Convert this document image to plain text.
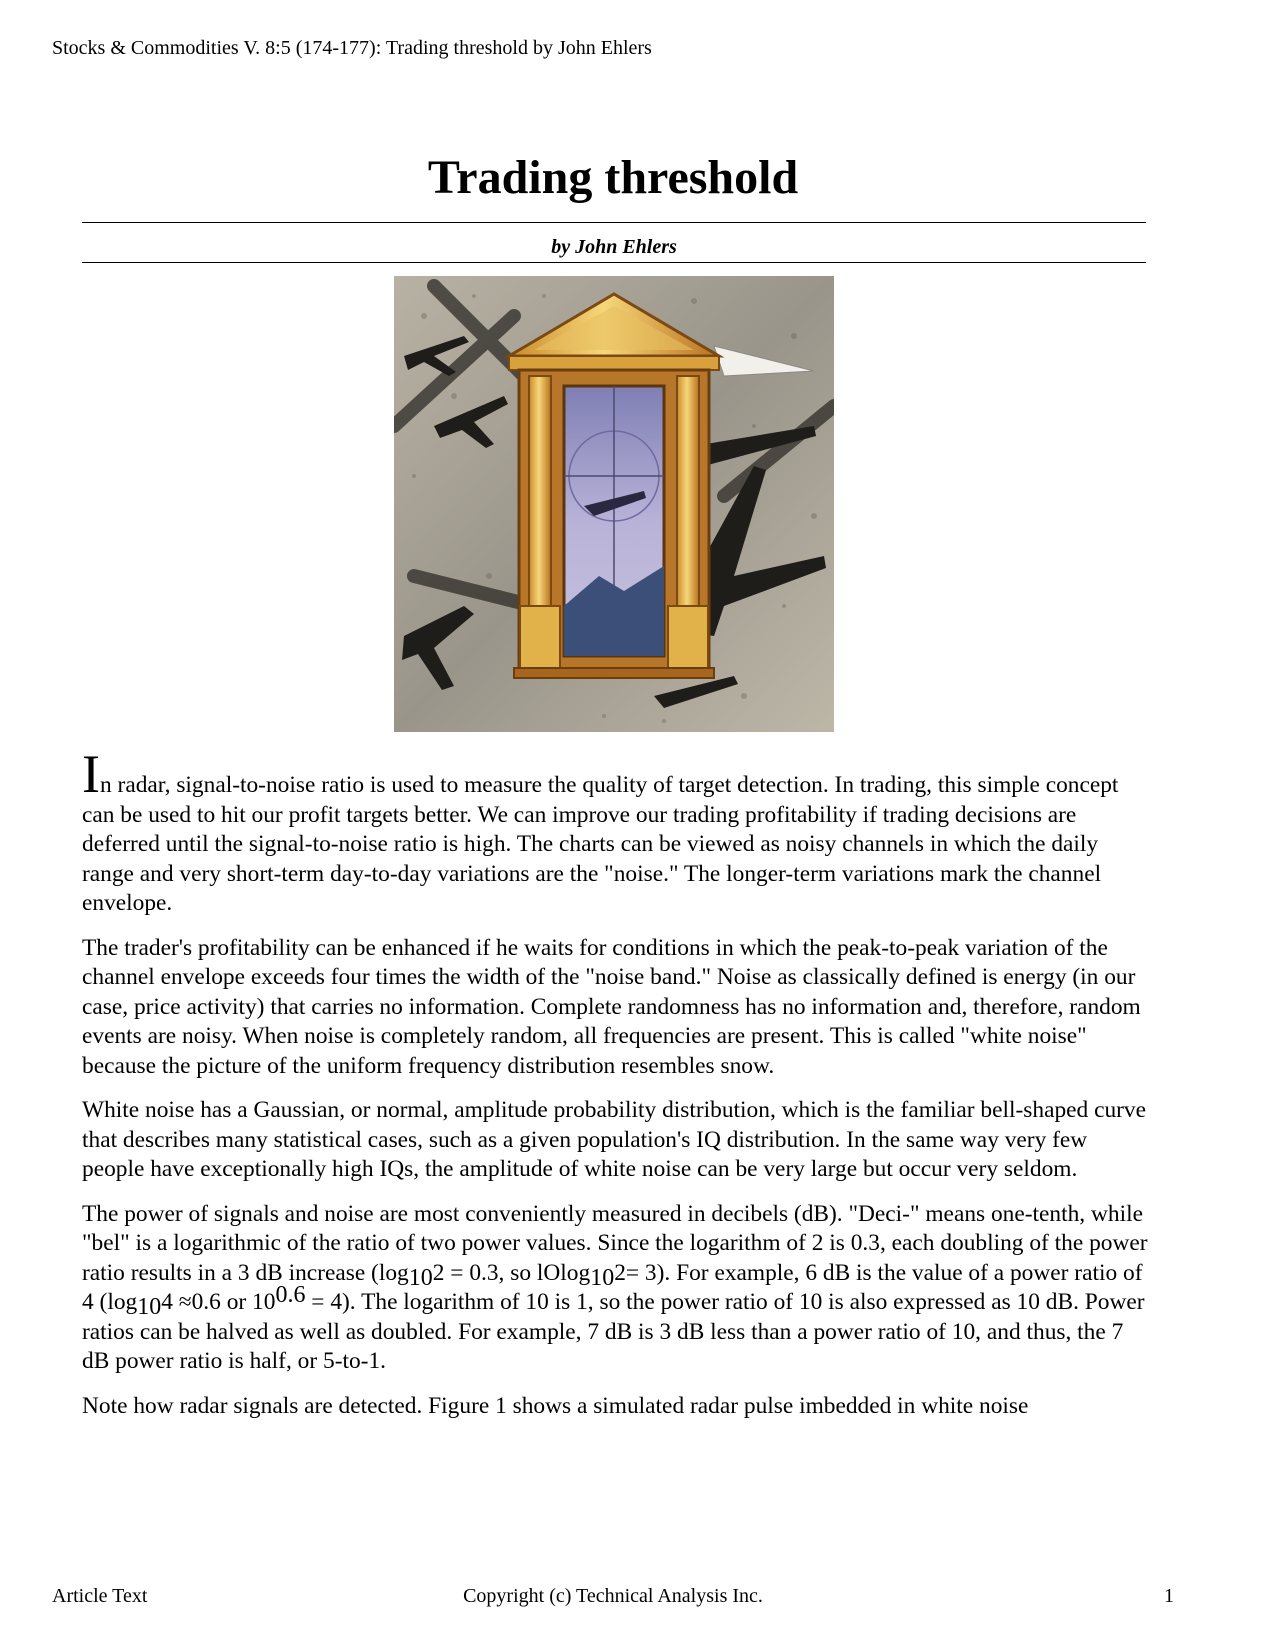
Stocks & Commodities V. 8:5 (174-177): Trading threshold by John Ehlers
Trading threshold
by John Ehlers

In radar, signal-to-noise ratio is used to measure the quality of target detection. In trading, this simple concept can be used to hit our profit targets better. We can improve our trading profitability if trading decisions are deferred until the signal-to-noise ratio is high. The charts can be viewed as noisy channels in which the daily range and very short-term day-to-day variations are the "noise." The longer-term variations mark the channel envelope.

The trader's profitability can be enhanced if he waits for conditions in which the peak-to-peak variation of the channel envelope exceeds four times the width of the "noise band." Noise as classically defined is energy (in our case, price activity) that carries no information. Complete randomness has no information and, therefore, random events are noisy. When noise is completely random, all frequencies are present. This is called "white noise" because the picture of the uniform frequency distribution resembles snow.

White noise has a Gaussian, or normal, amplitude probability distribution, which is the familiar bell-shaped curve that describes many statistical cases, such as a given population's IQ distribution. In the same way very few people have exceptionally high IQs, the amplitude of white noise can be very large but occur very seldom.

The power of signals and noise are most conveniently measured in decibels (dB). "Deci-" means one-tenth, while "bel" is a logarithmic of the ratio of two power values. Since the logarithm of 2 is 0.3, each doubling of the power ratio results in a 3 dB increase ($\log_{10}2 = 0.3$, so lOlog$_{10}$2= 3). For example, 6 dB is the value of a power ratio of 4 ($\log_{10}4 \approx 0.6$ or $10^{0.6} = 4$). The logarithm of 10 is 1, so the power ratio of 10 is also expressed as 10 dB. Power ratios can be halved as well as doubled. For example, 7 dB is 3 dB less than a power ratio of 10, and thus, the 7 dB power ratio is half, or 5-to-1.

Note how radar signals are detected. Figure 1 shows a simulated radar pulse imbedded in white noise

Article Text	Copyright (c) Technical Analysis Inc.	1
